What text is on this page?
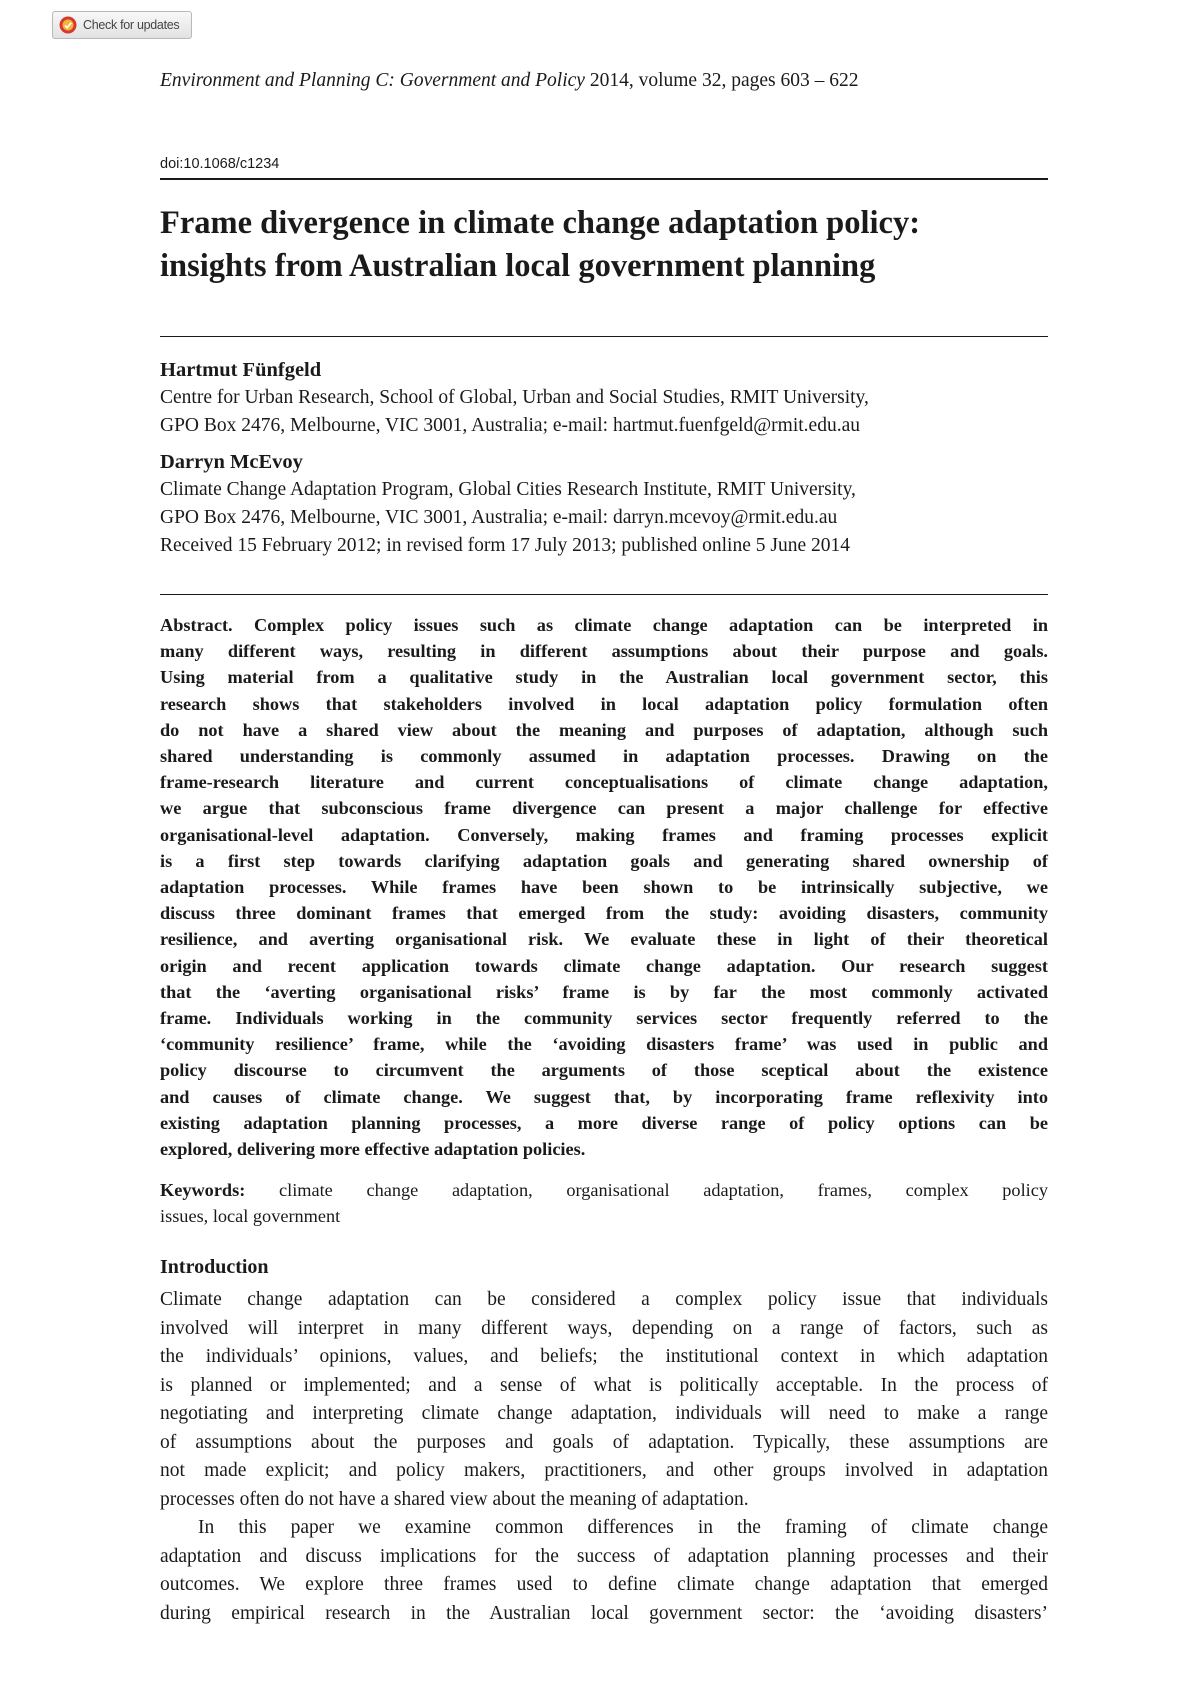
Check for updates
Environment and Planning C: Government and Policy 2014, volume 32, pages 603 – 622
doi:10.1068/c1234
Frame divergence in climate change adaptation policy:
insights from Australian local government planning

Hartmut Fünfgeld

Centre for Urban Research, School of Global, Urban and Social Studies, RMIT University,
GPO Box 2476, Melbourne, VIC 3001, Australia; e-mail: hartmut.fuenfgeld@rmit.edu.au

Darryn McEvoy

Climate Change Adaptation Program, Global Cities Research Institute, RMIT University,
GPO Box 2476, Melbourne, VIC 3001, Australia; e-mail: darryn.mcevoy@rmit.edu.au

Received 15 February 2012; in revised form 17 July 2013; published online 5 June 2014

Abstract. Complex policy issues such as climate change adaptation can be interpreted in
many different ways, resulting in different assumptions about their purpose and goals.
Using material from a qualitative study in the Australian local government sector, this
research shows that stakeholders involved in local adaptation policy formulation often
do not have a shared view about the meaning and purposes of adaptation, although such
shared understanding is commonly assumed in adaptation processes. Drawing on the
frame-research literature and current conceptualisations of climate change adaptation,
we argue that subconscious frame divergence can present a major challenge for effective
organisational-level adaptation. Conversely, making frames and framing processes explicit
is a first step towards clarifying adaptation goals and generating shared ownership of
adaptation processes. While frames have been shown to be intrinsically subjective, we
discuss three dominant frames that emerged from the study: avoiding disasters, community
resilience, and averting organisational risk. We evaluate these in light of their theoretical
origin and recent application towards climate change adaptation. Our research suggest
that the ‘averting organisational risks’ frame is by far the most commonly activated
frame. Individuals working in the community services sector frequently referred to the
‘community resilience’ frame, while the ‘avoiding disasters frame’ was used in public and
policy discourse to circumvent the arguments of those sceptical about the existence
and causes of climate change. We suggest that, by incorporating frame reflexivity into
existing adaptation planning processes, a more diverse range of policy options can be
explored, delivering more effective adaptation policies.
Keywords: climate change adaptation, organisational adaptation, frames, complex policy
issues, local government
Introduction
Climate change adaptation can be considered a complex policy issue that individuals
involved will interpret in many different ways, depending on a range of factors, such as
the individuals’ opinions, values, and beliefs; the institutional context in which adaptation
is planned or implemented; and a sense of what is politically acceptable. In the process of
negotiating and interpreting climate change adaptation, individuals will need to make a range
of assumptions about the purposes and goals of adaptation. Typically, these assumptions are
not made explicit; and policy makers, practitioners, and other groups involved in adaptation
processes often do not have a shared view about the meaning of adaptation.
In this paper we examine common differences in the framing of climate change
adaptation and discuss implications for the success of adaptation planning processes and their
outcomes. We explore three frames used to define climate change adaptation that emerged
during empirical research in the Australian local government sector: the ‘avoiding disasters’
